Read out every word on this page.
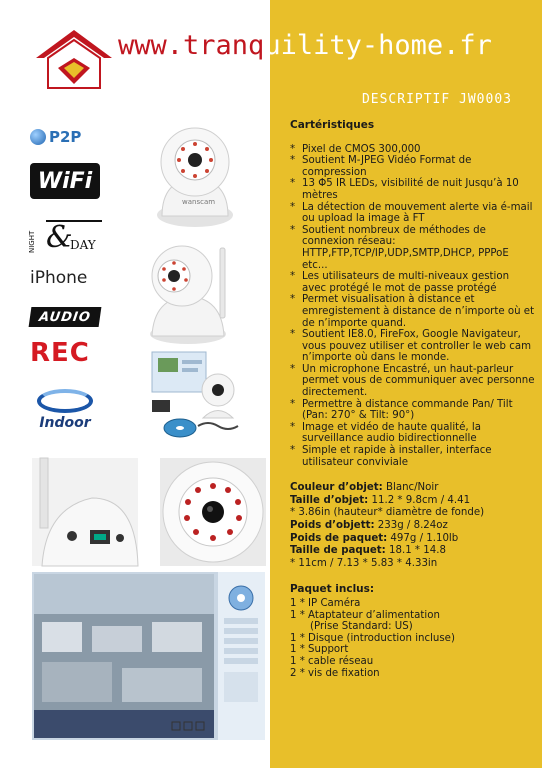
www.tranquility-home.fr
DESCRIPTIF JW0003
P2P
WiFi
NIGHT &
DAY
iPhone
AUDIO
REC
Indoor
wanscam
Cartéristiques
* Pixel de CMOS 300,000
* Soutient M-JPEG Vidéo Format de compression
* 13 Φ5 IR LEDs, visibilité de nuit Jusqu’à 10 mètres
* La détection de mouvement alerte via é-mail ou upload la image à FT
* Soutient nombreux de méthodes de connexion réseau: HTTP,FTP,TCP/IP,UDP,SMTP,DHCP, PPPoE etc...
* Les utilisateurs de multi-niveaux gestion avec protégé le mot de passe protégé
* Permet visualisation à distance et emregistement à distance de n’importe où et de n’importe quand.
* Soutient IE8.0, FireFox, Google Navigateur, vous pouvez utiliser et controller le web cam n’importe où dans le monde.
* Un microphone Encastré, un haut-parleur permet vous de communiquer avec personne directement.
* Permettre à distance commande Pan/ Tilt (Pan: 270° & Tilt: 90°)
* Image et vidéo de haute qualité, la surveillance audio bidirectionnelle
* Simple et rapide à installer, interface utilisateur conviviale
Couleur d’objet: Blanc/Noir
Taille d’objet: 11.2 * 9.8cm / 4.41
* 3.86in (hauteur* diamètre de fonde)
Poids d’objett: 233g / 8.24oz
Poids de paquet: 497g / 1.10lb
Taille de paquet: 18.1 * 14.8
* 11cm / 7.13 * 5.83 * 4.33in
Paquet inclus:
1 * IP Caméra
1 * Ataptateur d’alimentation
(Prise Standard: US)
1 * Disque (introduction incluse)
1 * Support
1 * cable réseau
2 * vis de fixation
